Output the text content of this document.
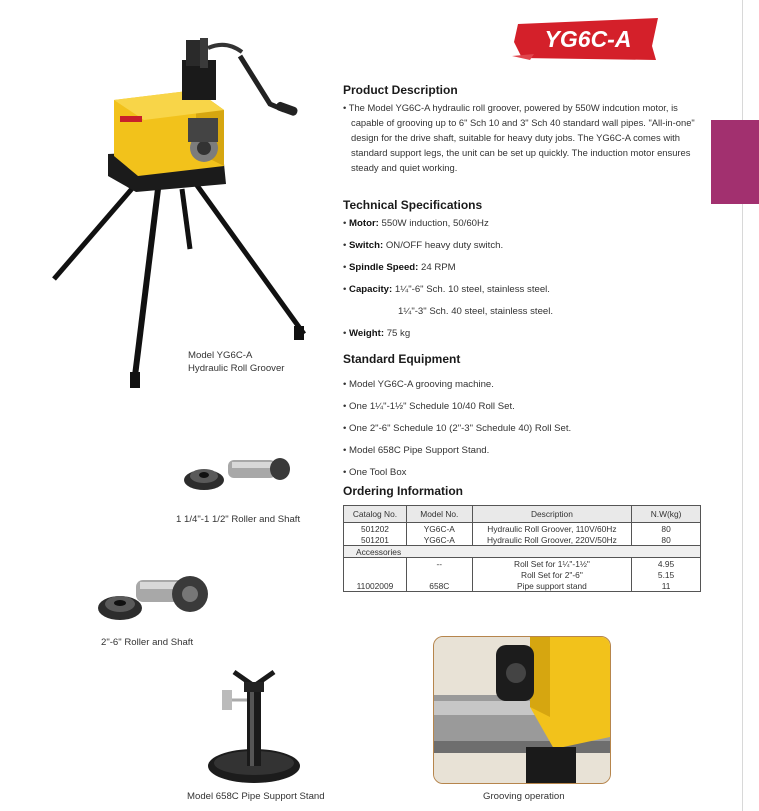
YG6C-A
Model YG6C-A
Hydraulic Roll Groover
1 1/4"-1 1/2" Roller and Shaft
2"-6" Roller and Shaft
Model 658C Pipe Support Stand	Grooving operation
Product Description
• The Model YG6C-A hydraulic roll groover, powered by 550W indcution motor, is
capable of grooving up to 6" Sch 10 and 3" Sch 40 standard wall pipes. "All-in-one"
design for the drive shaft, suitable for heavy duty jobs. The YG6C-A comes with
standard support legs, the unit can be set up quickly. The induction motor ensures
steady and quiet working.
Technical Specifications
• Motor: 550W induction, 50/60Hz
• Switch: ON/OFF heavy duty switch.
• Spindle Speed: 24 RPM
• Capacity: 1¼"-6" Sch. 10 steel, stainless steel.
1¼"-3" Sch. 40 steel, stainless steel.
• Weight: 75 kg
Standard Equipment
• Model YG6C-A grooving machine.
• One 1¼"-1½" Schedule 10/40 Roll Set.
• One 2"-6" Schedule 10 (2"-3" Schedule 40) Roll Set.
• Model 658C Pipe Support Stand.
• One Tool Box
Ordering Information
Catalog No.	Model No.	Description	N.W(kg)
501202	YG6C-A	Hydraulic Roll Groover, 110V/60Hz	80
501201	YG6C-A	Hydraulic Roll Groover, 220V/50Hz	80
Accessories			
	--	Roll Set for 1¼"-1½"	4.95
		Roll Set for 2"-6"	5.15
11002009	658C	Pipe support stand	11
